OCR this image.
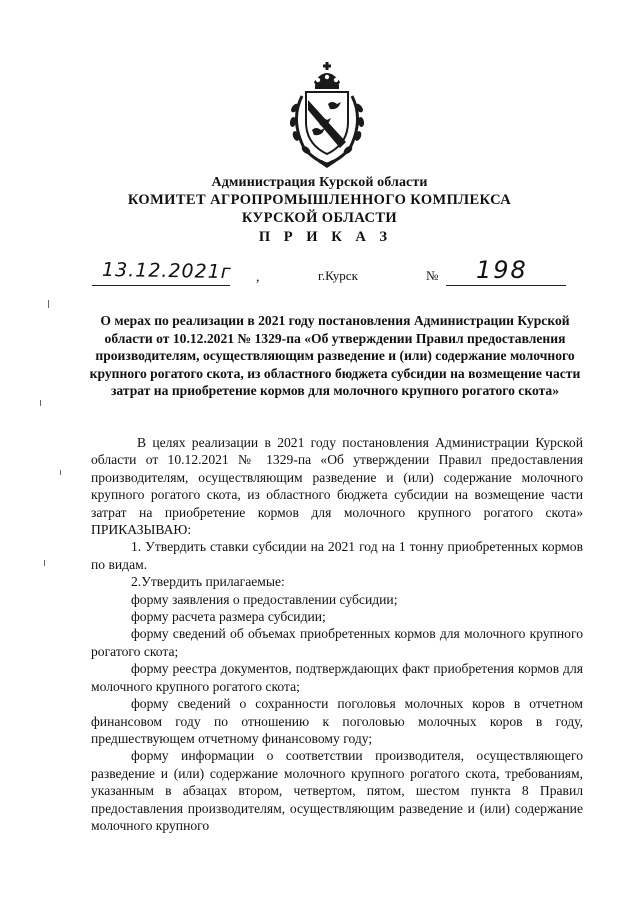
Администрация Курской области
КОМИТЕТ АГРОПРОМЫШЛЕННОГО КОМПЛЕКСА
КУРСКОЙ ОБЛАСТИ
П Р И К А З
13.12.2021г ,	г.Курск	№ 198
О мерах по реализации в 2021 году постановления Администрации Курской области от 10.12.2021 № 1329-па «Об утверждении Правил предоставления производителям, осуществляющим разведение и (или) содержание молочного крупного рогатого скота, из областного бюджета субсидии на возмещение части затрат на приобретение кормов для молочного крупного рогатого скота»

В целях реализации в 2021 году постановления Администрации Курской области от 10.12.2021 № 1329-па «Об утверждении Правил предоставления производителям, осуществляющим разведение и (или) содержание молочного крупного рогатого скота, из областного бюджета субсидии на возмещение части затрат на приобретение кормов для молочного крупного рогатого скота» ПРИКАЗЫВАЮ:

1. Утвердить ставки субсидии на 2021 год на 1 тонну приобретенных кормов по видам.

2.Утвердить прилагаемые:

форму заявления о предоставлении субсидии;

форму расчета размера субсидии;

форму сведений об объемах приобретенных кормов для молочного крупного рогатого скота;

форму реестра документов, подтверждающих факт приобретения кормов для молочного крупного рогатого скота;

форму сведений о сохранности поголовья молочных коров в отчетном финансовом году по отношению к поголовью молочных коров в году, предшествующем отчетному финансовому году;

форму информации о соответствии производителя, осуществляющего разведение и (или) содержание молочного крупного рогатого скота, требованиям, указанным в абзацах втором, четвертом, пятом, шестом пункта 8 Правил предоставления производителям, осуществляющим разведение и (или) содержание молочного крупного
